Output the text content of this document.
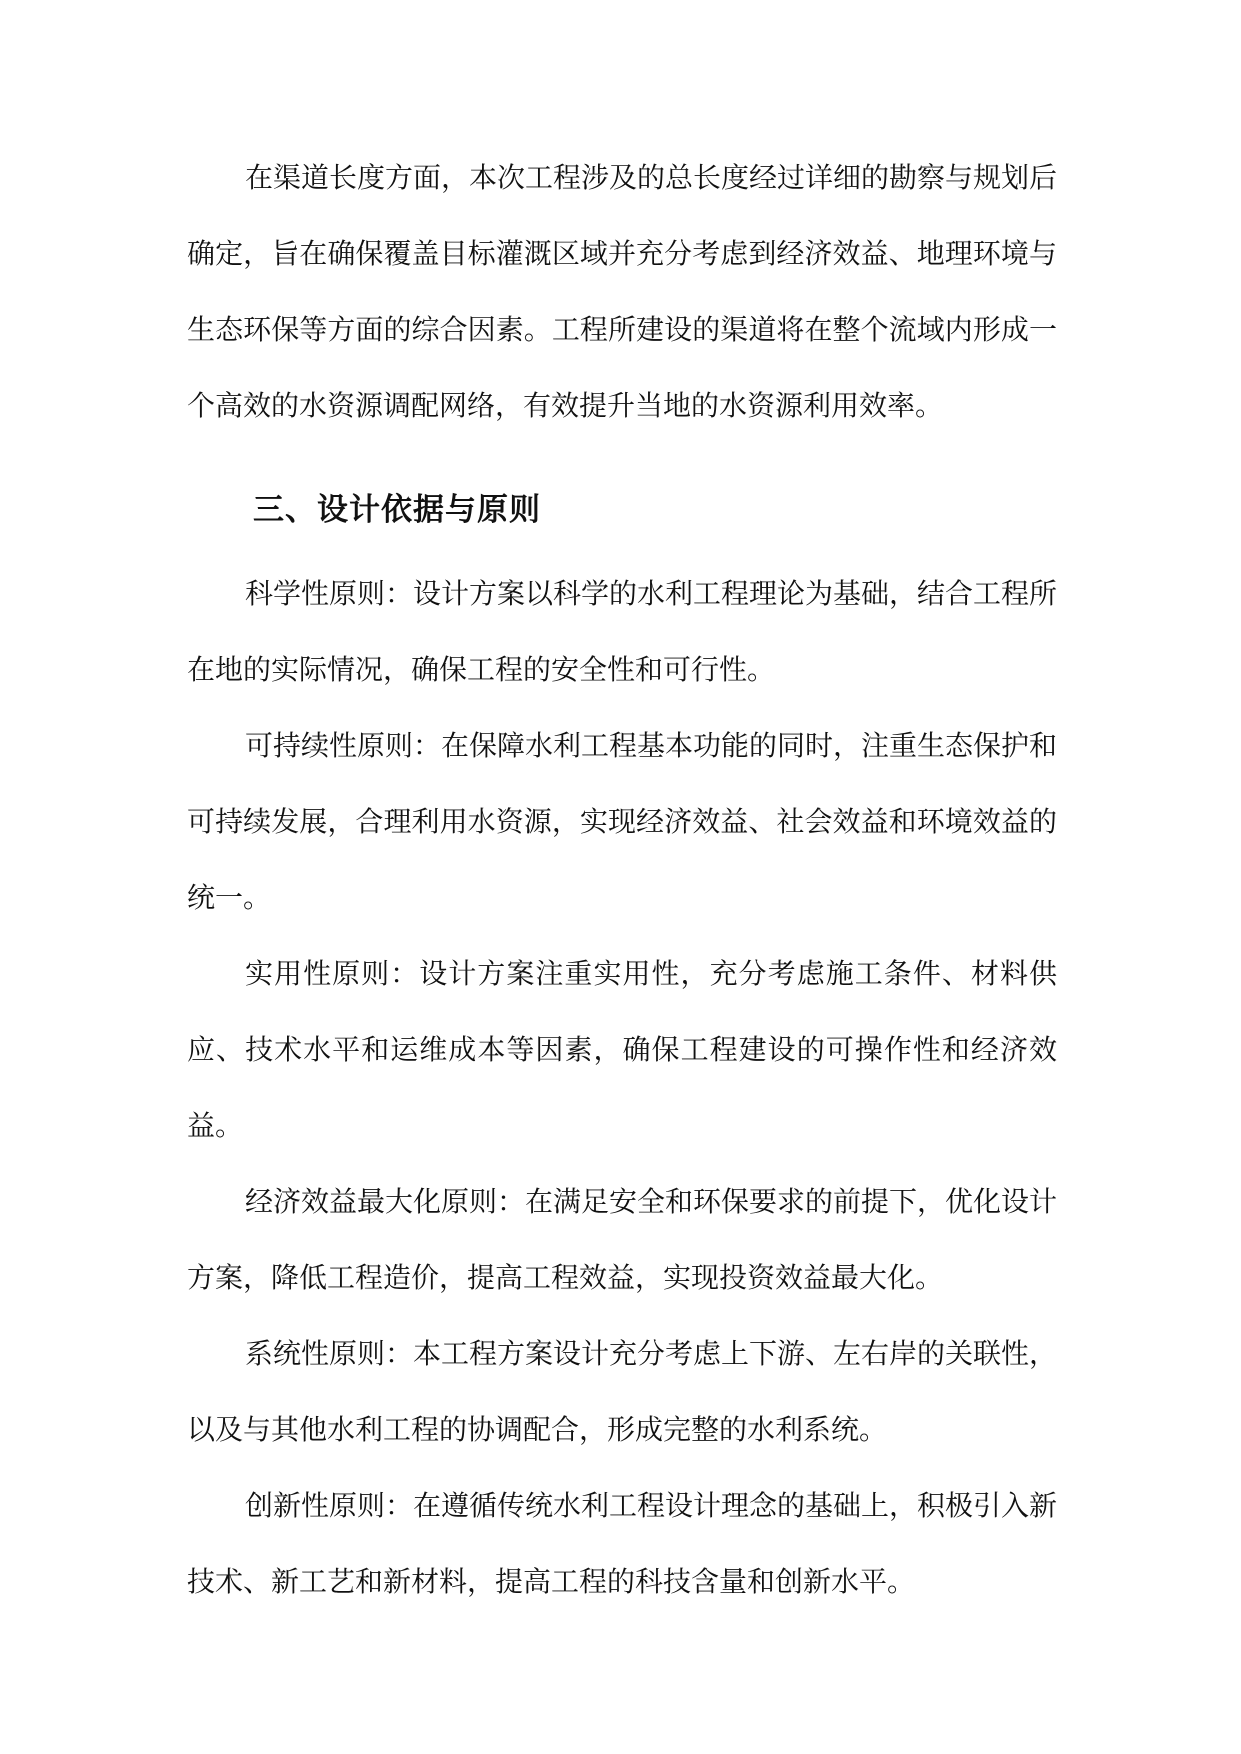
在渠道长度方面，本次工程涉及的总长度经过详细的勘察与规划后确定，旨在确保覆盖目标灌溉区域并充分考虑到经济效益、地理环境与生态环保等方面的综合因素。工程所建设的渠道将在整个流域内形成一个高效的水资源调配网络，有效提升当地的水资源利用效率。

三、设计依据与原则

科学性原则：设计方案以科学的水利工程理论为基础，结合工程所在地的实际情况，确保工程的安全性和可行性。

可持续性原则：在保障水利工程基本功能的同时，注重生态保护和可持续发展，合理利用水资源，实现经济效益、社会效益和环境效益的统一。

实用性原则：设计方案注重实用性，充分考虑施工条件、材料供应、技术水平和运维成本等因素，确保工程建设的可操作性和经济效益。

经济效益最大化原则：在满足安全和环保要求的前提下，优化设计方案，降低工程造价，提高工程效益，实现投资效益最大化。

系统性原则：本工程方案设计充分考虑上下游、左右岸的关联性，以及与其他水利工程的协调配合，形成完整的水利系统。

创新性原则：在遵循传统水利工程设计理念的基础上，积极引入新技术、新工艺和新材料，提高工程的科技含量和创新水平。
